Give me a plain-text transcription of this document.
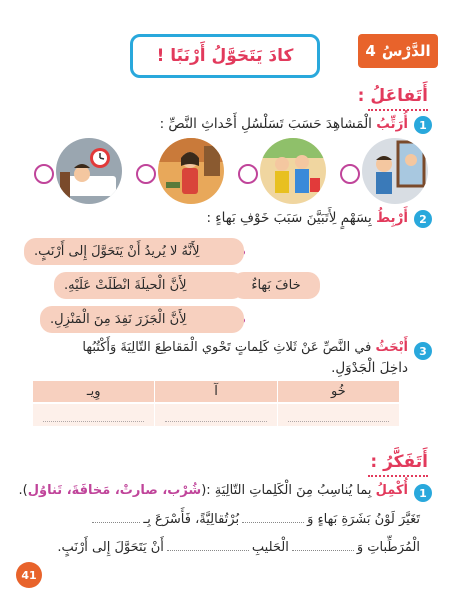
الدَّرْسُ
4
كادَ يَتَحَوَّلُ أَرْنَبًا !
أَتَفاعَلُ :
1
أُرَتِّبُ الْمَشاهِدَ حَسَبَ تَسَلْسُلِ أَحْداثِ النَّصِّ :
2
أَرْبِطُ بِسَهْمٍ لِأَتَبَيَّنَ سَبَبَ خَوْفِ بَهاءٍ :
خافَ بَهاءٌ
لِأَنَّهُ لا يُريدُ أَنْ يَتَحَوَّلَ إِلى أَرْنَبٍ.
لِأَنَّ الْحيلَةَ انْطَلَتْ عَلَيْهِ.
لِأَنَّ الْجَزَرَ نَفِدَ مِنَ الْمَنْزِلِ.
3
أَبْحَثُ في النَّصِّ عَنْ ثَلاثِ كَلِماتٍ تَحْوي الْمَقاطِعَ التّالِيَةَ وَأَكْتُبُها
داخِلَ الْجَدْوَلِ.
خُو	آ	وِيـ

أَتَفَكَّرُ :
1
أُكْمِلُ بِما يُناسِبُ مِنَ الْكَلِماتِ التّالِيَةِ :(شُرْب، صارتْ، مَخافَةَ، تَناوُل).
تَغَيَّرَ لَوْنُ بَشَرَةِ بَهاءٍ وَبُرْتُقالِيَّةً، فَأَسْرَعَ بِـ
الْمُرَطِّباتِ وَالْحَليبِأَنْ يَتَحَوَّلَ إِلى أَرْنَبٍ.
41
